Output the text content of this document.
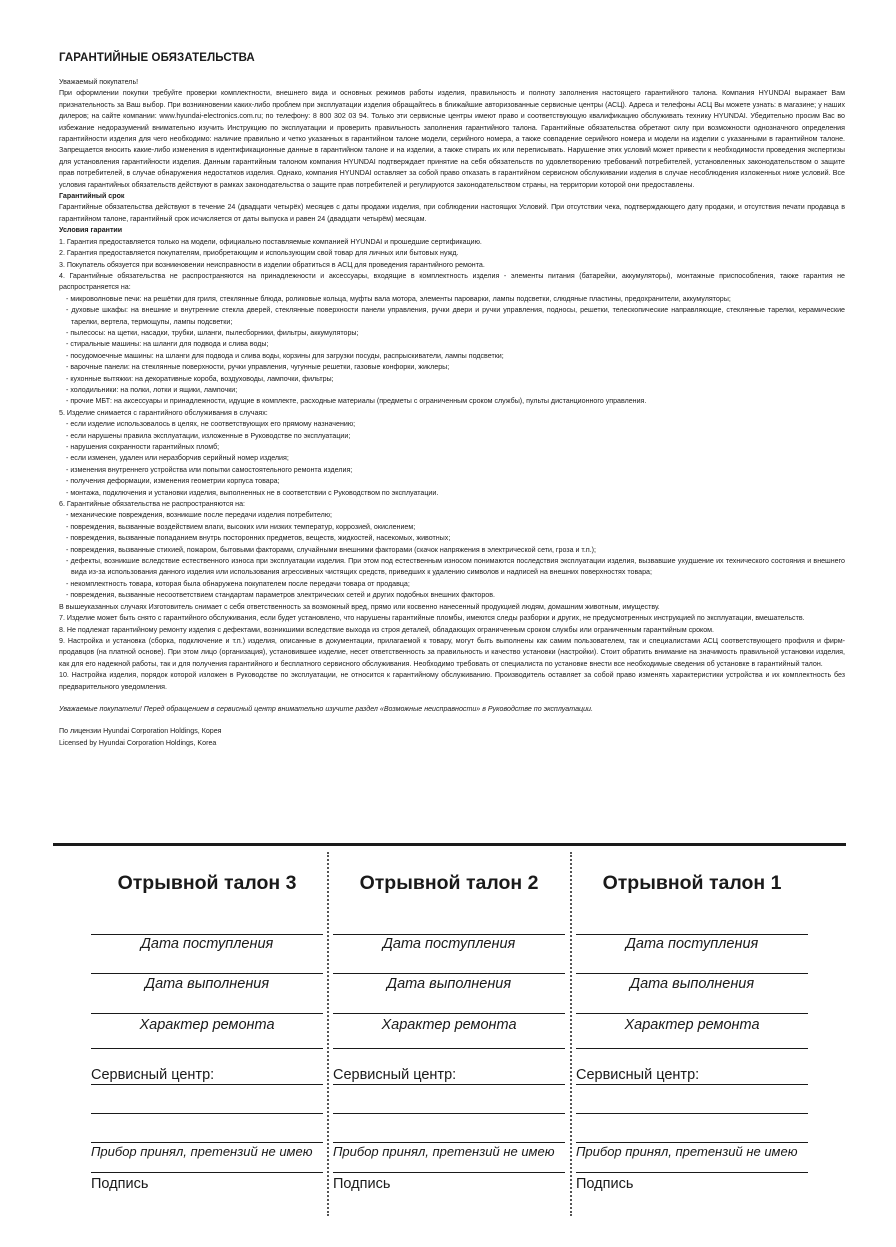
ГАРАНТИЙНЫЕ ОБЯЗАТЕЛЬСТВА

Уважаемый покупатель!

При оформлении покупки требуйте проверки комплектности, внешнего вида и основных режимов работы изделия, правильность и полноту заполнения настоящего гарантийного талона. Компания HYUNDAI выражает Вам признательность за Ваш выбор. При возникновении каких-либо проблем при эксплуатации изделия обращайтесь в ближайшие авторизованные сервисные центры (АСЦ). Адреса и телефоны АСЦ Вы можете узнать: в магазине; у наших дилеров; на сайте компании: www.hyundai-electronics.com.ru; по телефону: 8 800 302 03 94. Только эти сервисные центры имеют право и соответствующую квалификацию обслуживать технику HYUNDAI. Убедительно просим Вас во избежание недоразумений внимательно изучить Инструкцию по эксплуатации и проверить правильность заполнения гарантийного талона. Гарантийные обязательства обретают силу при возможности однозначного определения гарантийности изделия для чего необходимо: наличие правильно и четко указанных в гарантийном талоне модели, серийного номера, а также совпадение серийного номера и модели на изделии с указанными в гарантийном талоне. Запрещается вносить какие-либо изменения в идентификационные данные в гарантийном талоне и на изделии, а также стирать их или переписывать. Нарушение этих условий может привести к необходимости проведения экспертизы для установления гарантийности изделия. Данным гарантийным талоном компания HYUNDAI подтверждает принятие на себя обязательств по удовлетворению требований потребителей, установленных законодательством о защите прав потребителей, в случае обнаружения недостатков изделия. Однако, компания HYUNDAI оставляет за собой право отказать в гарантийном сервисном обслуживании изделия в случае несоблюдения изложенных ниже условий. Все условия гарантийных обязательств действуют в рамках законодательства о защите прав потребителей и регулируются законодательством страны, на территории которой они предоставлены.

Гарантийный срок

Гарантийные обязательства действуют в течение 24 (двадцати четырёх) месяцев с даты продажи изделия, при соблюдении настоящих Условий. При отсутствии чека, подтверждающего дату продажи, и отсутствия печати продавца в гарантийном талоне, гарантийный срок исчисляется от даты выпуска и равен 24 (двадцати четырём) месяцам.

Условия гарантии

1. Гарантия предоставляется только на модели, официально поставляемые компанией HYUNDAI и прошедшие сертификацию.

2. Гарантия предоставляется покупателям, приобретающим и использующим свой товар для личных или бытовых нужд.

3. Покупатель обязуется при возникновении неисправности в изделии обратиться в АСЦ для проведения гарантийного ремонта.

4. Гарантийные обязательства не распространяются на принадлежности и аксессуары, входящие в комплектность изделия - элементы питания (батарейки, аккумуляторы), монтажные приспособления, также гарантия не распространяется на:

- микроволновые печи: на решётки для гриля, стеклянные блюда, роликовые кольца, муфты вала мотора, элементы пароварки, лампы подсветки, слюдяные пластины, предохранители, аккумуляторы;

- духовые шкафы: на внешние и внутренние стекла дверей, стеклянные поверхности панели управления, ручки двери и ручки управления, подносы, решетки, телескопические направляющие, стеклянные тарелки, керамические тарелки, вертела, термощупы, лампы подсветки;

- пылесосы: на щетки, насадки, трубки, шланги, пылесборники, фильтры, аккумуляторы;

- стиральные машины: на шланги для подвода и слива воды;

- посудомоечные машины: на шланги для подвода и слива воды, корзины для загрузки посуды, распрыскиватели, лампы подсветки;

- варочные панели: на стеклянные поверхности, ручки управления, чугунные решетки, газовые конфорки, жиклеры;

- кухонные вытяжки: на декоративные короба, воздуховоды, лампочки, фильтры;

- холодильники: на полки, лотки и ящики, лампочки;

- прочие МБТ: на аксессуары и принадлежности, идущие в комплекте, расходные материалы (предметы с ограниченным сроком службы), пульты дистанционного управления.

5. Изделие снимается с гарантийного обслуживания в случаях:

- если изделие использовалось в целях, не соответствующих его прямому назначению;

- если нарушены правила эксплуатации, изложенные в Руководстве по эксплуатации;

- нарушения сохранности гарантийных пломб;

- если изменен, удален или неразборчив серийный номер изделия;

- изменения внутреннего устройства или попытки самостоятельного ремонта изделия;

- получения деформации, изменения геометрии корпуса товара;

- монтажа, подключения и установки изделия, выполненных не в соответствии с Руководством по эксплуатации.

6. Гарантийные обязательства не распространяются на:

- механические повреждения, возникшие после передачи изделия потребителю;

- повреждения, вызванные воздействием влаги, высоких или низких температур, коррозией, окислением;

- повреждения, вызванные попаданием внутрь посторонних предметов, веществ, жидкостей, насекомых, животных;

- повреждения, вызванные стихией, пожаром, бытовыми факторами, случайными внешними факторами (скачок напряжения в электрической сети, гроза и т.п.);

- дефекты, возникшие вследствие естественного износа при эксплуатации изделия. При этом под естественным износом понимаются последствия эксплуатации изделия, вызвавшие ухудшение их технического состояния и внешнего вида из-за использования данного изделия или использования агрессивных чистящих средств, приведших к удалению символов и надписей на внешних поверхностях товара;

- некомплектность товара, которая была обнаружена покупателем после передачи товара от продавца;

- повреждения, вызванные несоответствием стандартам параметров электрических сетей и других подобных внешних факторов.

В вышеуказанных случаях Изготовитель снимает с себя ответственность за возможный вред, прямо или косвенно нанесенный продукцией людям, домашним животным, имуществу.

7. Изделие может быть снято с гарантийного обслуживания, если будет установлено, что нарушены гарантийные пломбы, имеются следы разборки и других, не предусмотренных инструкцией по эксплуатации, вмешательств.

8. Не подлежат гарантийному ремонту изделия с дефектами, возникшими вследствие выхода из строя деталей, обладающих ограниченным сроком службы или ограниченным гарантийным сроком.

9. Настройка и установка (сборка, подключение и т.п.) изделия, описанные в документации, прилагаемой к товару, могут быть выполнены как самим пользователем, так и специалистами АСЦ соответствующего профиля и фирм-продавцов (на платной основе). При этом лицо (организация), установившее изделие, несет ответственность за правильность и качество установки (настройки). Стоит обратить внимание на значимость правильной установки изделия, как для его надежной работы, так и для получения гарантийного и бесплатного сервисного обслуживания. Необходимо требовать от специалиста по установке внести все необходимые сведения об установке в гарантийный талон.

10. Настройка изделия, порядок которой изложен в Руководстве по эксплуатации, не относится к гарантийному обслуживанию. Производитель оставляет за собой право изменять характеристики устройства и их комплектность без предварительного уведомления.

Уважаемые покупатели! Перед обращением в сервисный центр внимательно изучите раздел «Возможные неисправности» в Руководстве по эксплуатации.

По лицензии Hyundai Corporation Holdings, Корея

Licensed by Hyundai Corporation Holdings, Korea

Отрывной талон 3
Дата поступления
Дата выполнения
Характер ремонта
Сервисный центр:
Прибор принял, претензий не имею
Подпись
Отрывной талон 2
Дата поступления
Дата выполнения
Характер ремонта
Сервисный центр:
Прибор принял, претензий не имею
Подпись
Отрывной талон 1
Дата поступления
Дата выполнения
Характер ремонта
Сервисный центр:
Прибор принял, претензий не имею
Подпись
